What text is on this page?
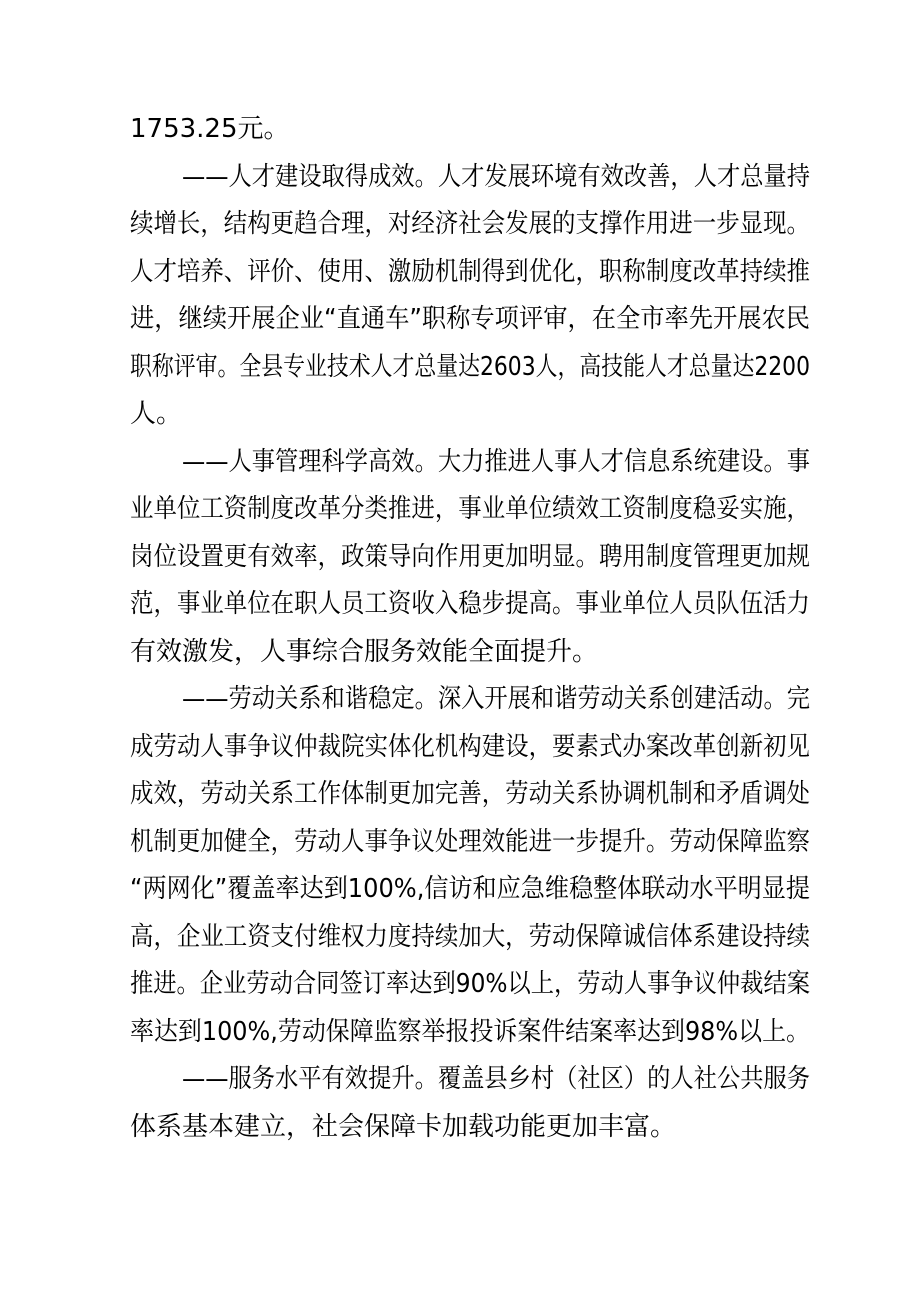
1753.25元。
——人才建设取得成效。人才发展环境有效改善，人才总量持
续增长，结构更趋合理，对经济社会发展的支撑作用进一步显现。
人才培养、评价、使用、激励机制得到优化，职称制度改革持续推
进，继续开展企业“直通车”职称专项评审，在全市率先开展农民
职称评审。全县专业技术人才总量达2603人，高技能人才总量达2200
人。
——人事管理科学高效。大力推进人事人才信息系统建设。事
业单位工资制度改革分类推进，事业单位绩效工资制度稳妥实施，
岗位设置更有效率，政策导向作用更加明显。聘用制度管理更加规
范，事业单位在职人员工资收入稳步提高。事业单位人员队伍活力
有效激发，人事综合服务效能全面提升。
——劳动关系和谐稳定。深入开展和谐劳动关系创建活动。完
成劳动人事争议仲裁院实体化机构建设，要素式办案改革创新初见
成效，劳动关系工作体制更加完善，劳动关系协调机制和矛盾调处
机制更加健全，劳动人事争议处理效能进一步提升。劳动保障监察
“两网化”覆盖率达到100%,信访和应急维稳整体联动水平明显提
高，企业工资支付维权力度持续加大，劳动保障诚信体系建设持续
推进。企业劳动合同签订率达到90%以上，劳动人事争议仲裁结案
率达到100%,劳动保障监察举报投诉案件结案率达到98%以上。
——服务水平有效提升。覆盖县乡村（社区）的人社公共服务
体系基本建立，社会保障卡加载功能更加丰富。
